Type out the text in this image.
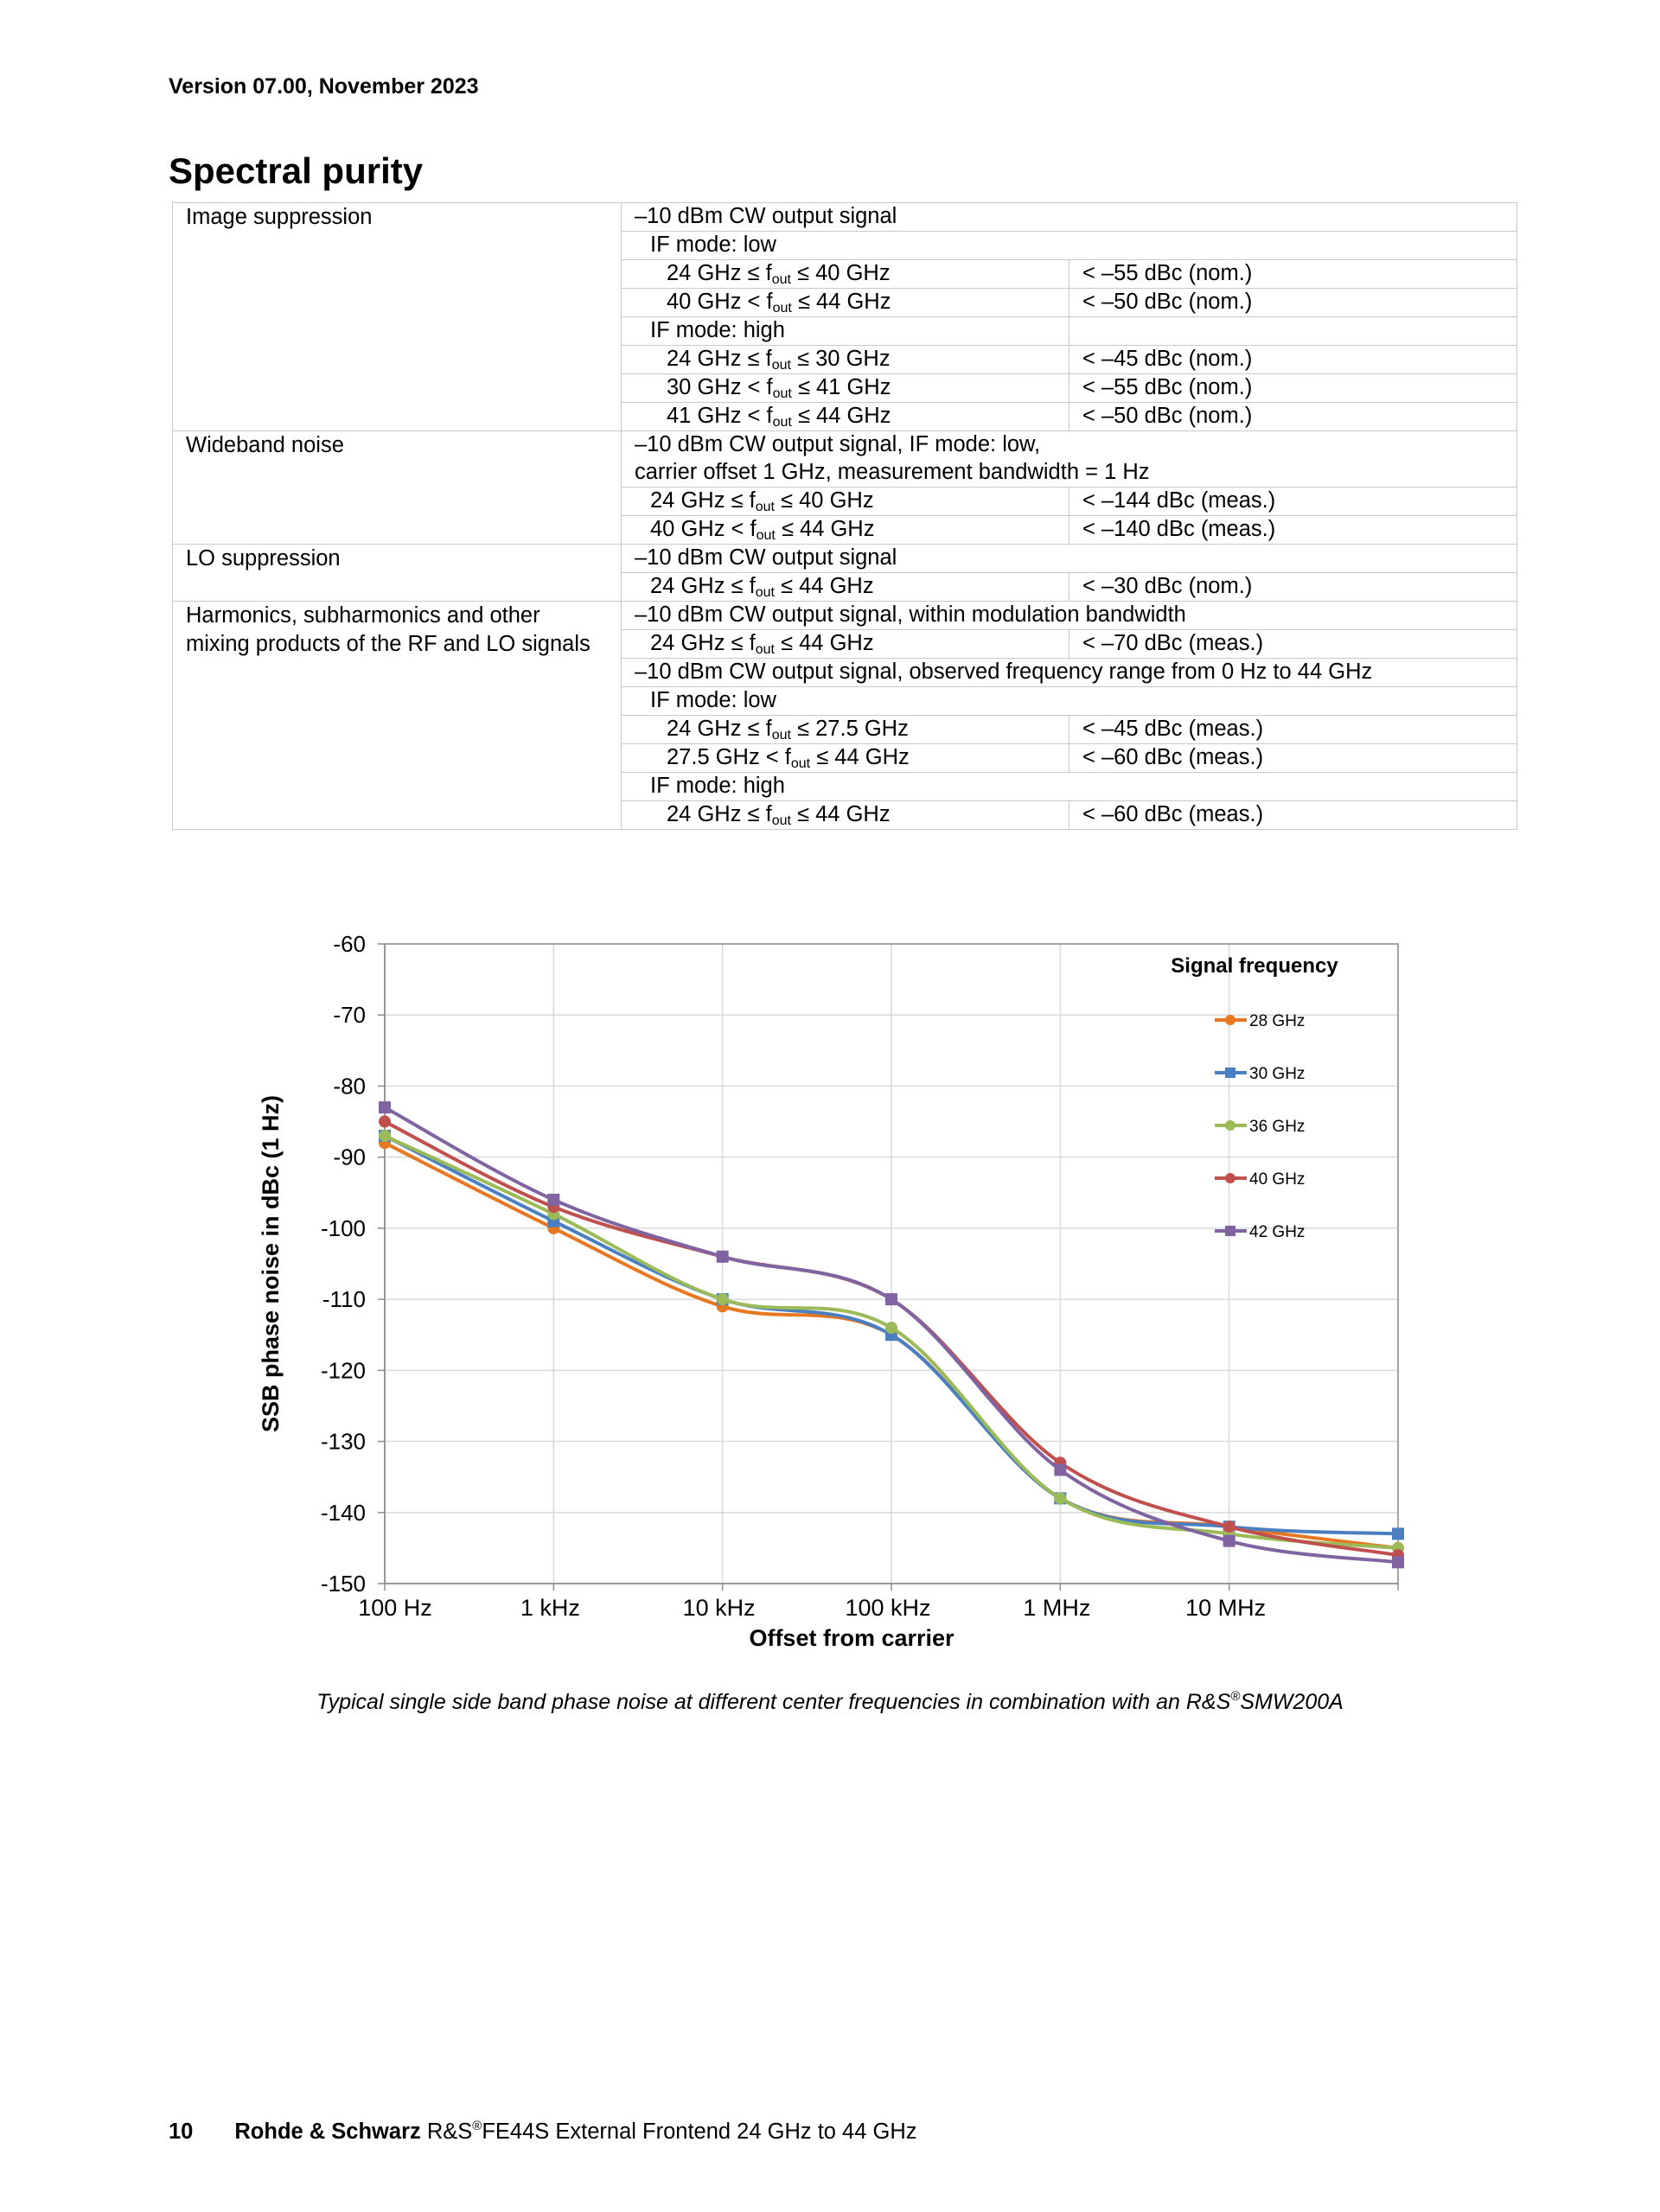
Version 07.00, November 2023
Spectral purity
Image suppression	–10 dBm CW output signal	
	IF mode: low	
	24 GHz ≤ $f_{out} \le 40$ GHz	< –55 dBc (nom.)
	40 GHz < $f_{out} \le 44$ GHz	< –50 dBc (nom.)
	IF mode: high	
	24 GHz ≤ $f_{out} \le 30$ GHz	< –45 dBc (nom.)
	30 GHz < $f_{out} \le 41$ GHz	< –55 dBc (nom.)
	41 GHz < $f_{out} \le 44$ GHz	< –50 dBc (nom.)
Wideband noise	–10 dBm CW output signal, IF mode: low,	
	carrier offset 1 GHz, measurement bandwidth = 1 Hz	
	24 GHz ≤ $f_{out} \le 40$ GHz	< –144 dBc (meas.)
	40 GHz < $f_{out} \le 44$ GHz	< –140 dBc (meas.)
LO suppression	–10 dBm CW output signal	
	24 GHz ≤ $f_{out} \le 44$ GHz	< –30 dBc (nom.)
Harmonics, subharmonics and other
mixing products of the RF and LO signals	–10 dBm CW output signal, within modulation bandwidth	
	24 GHz ≤ $f_{out} \le 44$ GHz	< –70 dBc (meas.)
	–10 dBm CW output signal, observed frequency range from 0 Hz to 44 GHz	
	IF mode: low	
	24 GHz ≤ $f_{out} \le 27.5$ GHz	< –45 dBc (meas.)
	27.5 GHz < $f_{out} \le 44$ GHz	< –60 dBc (meas.)
	IF mode: high	
	24 GHz ≤ $f_{out} \le 44$ GHz	< –60 dBc (meas.)
-60
-70
-80
-90
-100
-110
-120
-130
-140
-150
100 Hz	1 kHz	10 kHz	100 kHz	1 MHz	10 MHz
Signal frequency
28 GHz
30 GHz
36 GHz
40 GHz
42 GHz
SSB phase noise in dBc (1 Hz)
Offset from carrier
Typical single side band phase noise at different center frequencies in combination with an R&S®SMW200A
10 Rohde & Schwarz R&S®FE44S External Frontend 24 GHz to 44 GHz
